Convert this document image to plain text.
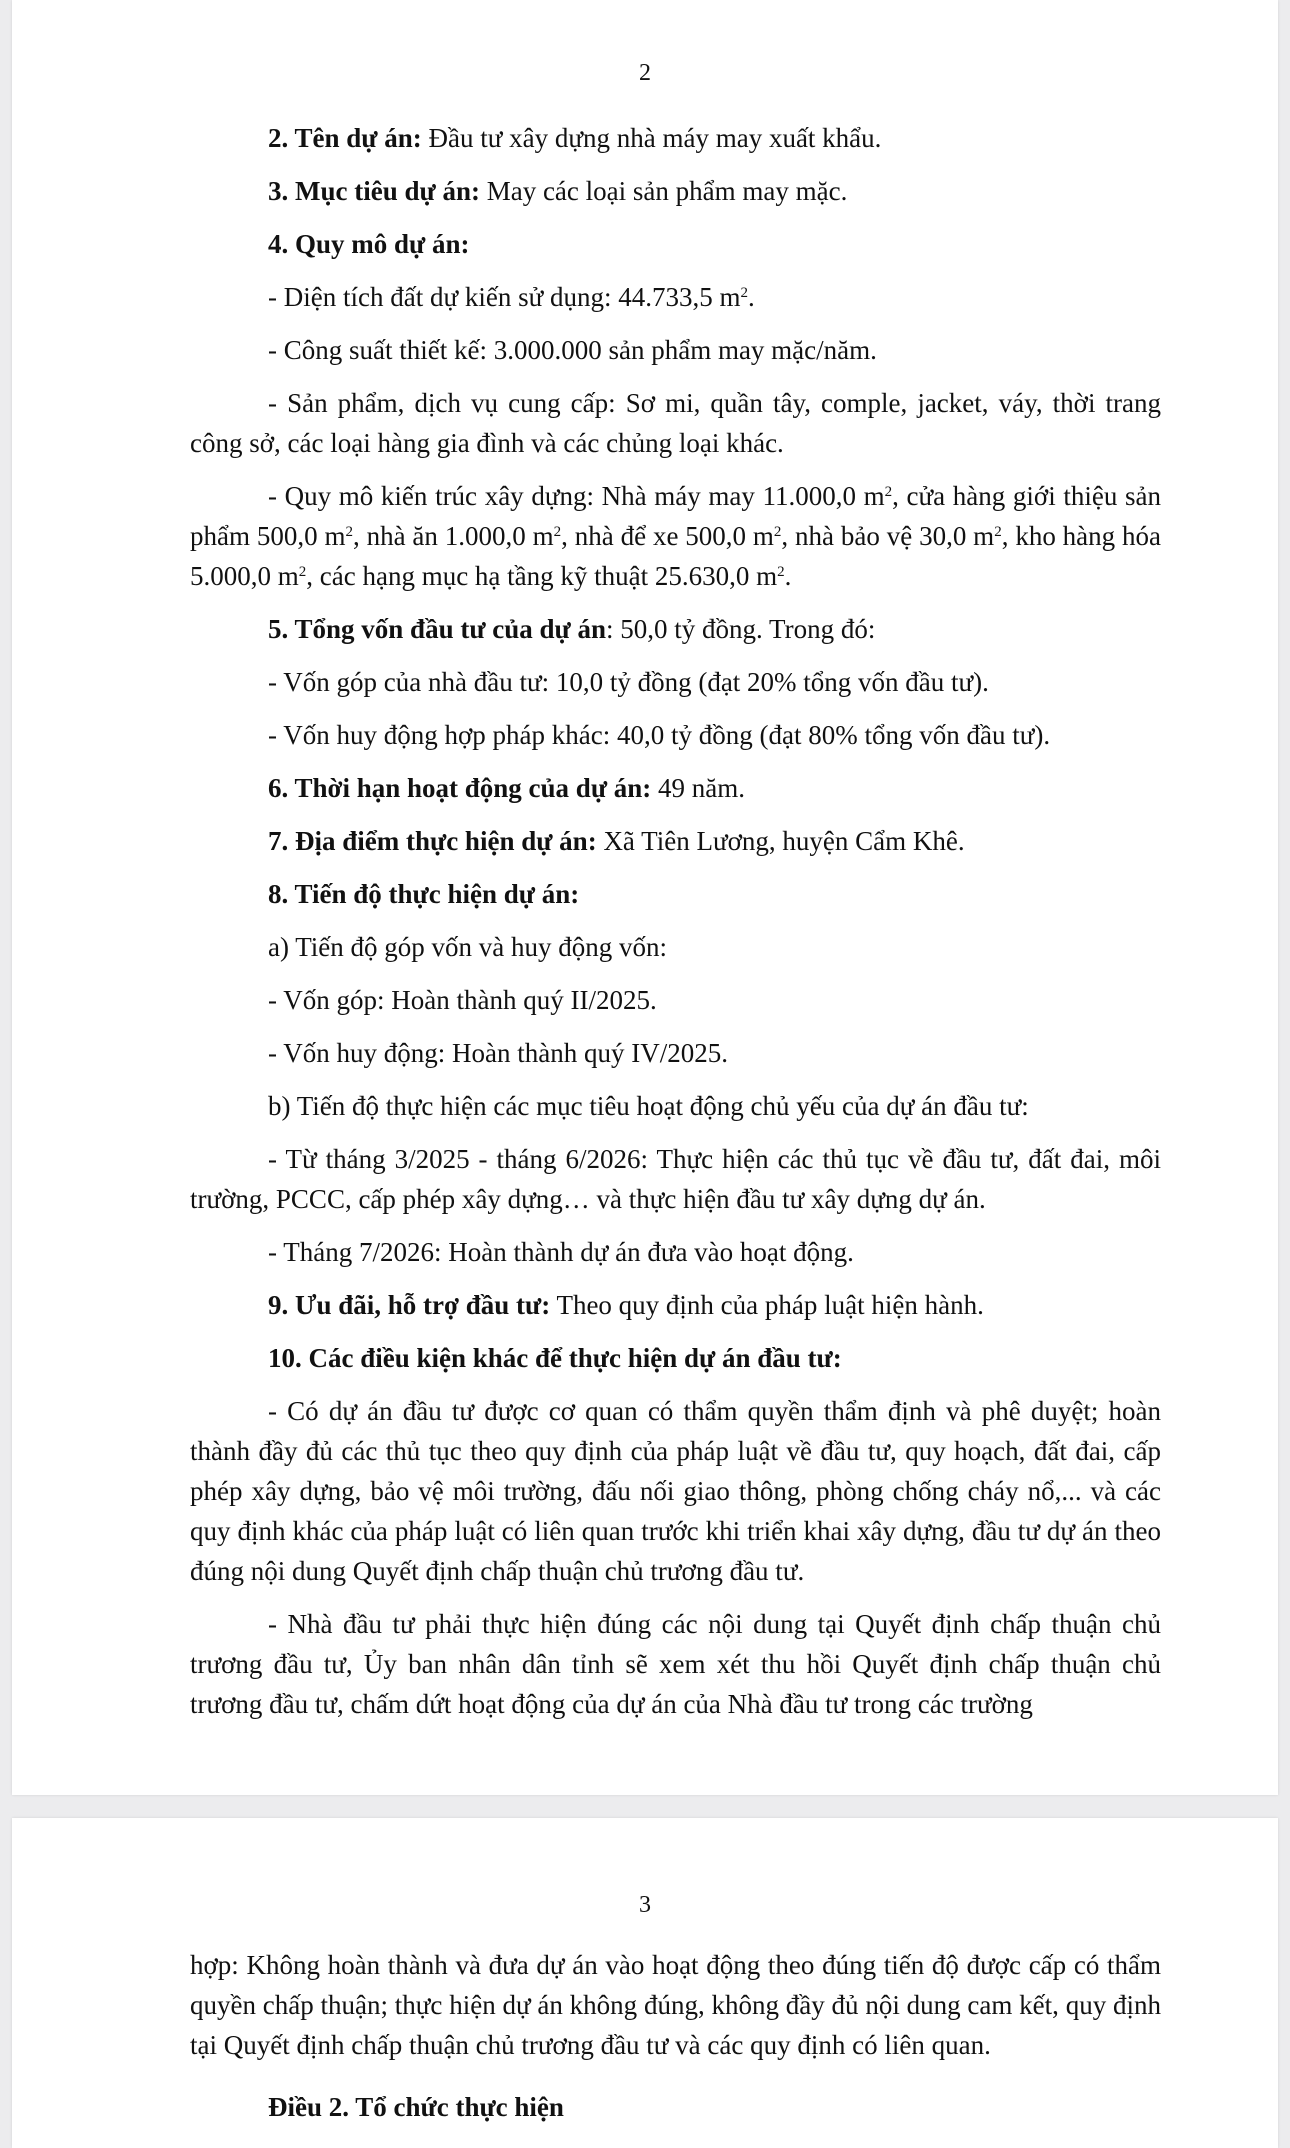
2

2. Tên dự án: Đầu tư xây dựng nhà máy may xuất khẩu.

3. Mục tiêu dự án: May các loại sản phẩm may mặc.

4. Quy mô dự án:

- Diện tích đất dự kiến sử dụng: 44.733,5 $m^2$.

- Công suất thiết kế: 3.000.000 sản phẩm may mặc/năm.

- Sản phẩm, dịch vụ cung cấp: Sơ mi, quần tây, comple, jacket, váy, thời trang công sở, các loại hàng gia đình và các chủng loại khác.

- Quy mô kiến trúc xây dựng: Nhà máy may 11.000,0 $m^2$, cửa hàng giới thiệu sản phẩm 500,0 $m^2$, nhà ăn 1.000,0 $m^2$, nhà để xe 500,0 $m^2$, nhà bảo vệ 30,0 $m^2$, kho hàng hóa 5.000,0 $m^2$, các hạng mục hạ tầng kỹ thuật 25.630,0 $m^2$.

5. Tổng vốn đầu tư của dự án: 50,0 tỷ đồng. Trong đó:

- Vốn góp của nhà đầu tư: 10,0 tỷ đồng (đạt 20% tổng vốn đầu tư).

- Vốn huy động hợp pháp khác: 40,0 tỷ đồng (đạt 80% tổng vốn đầu tư).

6. Thời hạn hoạt động của dự án: 49 năm.

7. Địa điểm thực hiện dự án: Xã Tiên Lương, huyện Cẩm Khê.

8. Tiến độ thực hiện dự án:

a) Tiến độ góp vốn và huy động vốn:

- Vốn góp: Hoàn thành quý II/2025.

- Vốn huy động: Hoàn thành quý IV/2025.

b) Tiến độ thực hiện các mục tiêu hoạt động chủ yếu của dự án đầu tư:

- Từ tháng 3/2025 - tháng 6/2026: Thực hiện các thủ tục về đầu tư, đất đai, môi trường, PCCC, cấp phép xây dựng… và thực hiện đầu tư xây dựng dự án.

- Tháng 7/2026: Hoàn thành dự án đưa vào hoạt động.

9. Ưu đãi, hỗ trợ đầu tư: Theo quy định của pháp luật hiện hành.

10. Các điều kiện khác để thực hiện dự án đầu tư:

- Có dự án đầu tư được cơ quan có thẩm quyền thẩm định và phê duyệt; hoàn thành đầy đủ các thủ tục theo quy định của pháp luật về đầu tư, quy hoạch, đất đai, cấp phép xây dựng, bảo vệ môi trường, đấu nối giao thông, phòng chống cháy nổ,... và các quy định khác của pháp luật có liên quan trước khi triển khai xây dựng, đầu tư dự án theo đúng nội dung Quyết định chấp thuận chủ trương đầu tư.

- Nhà đầu tư phải thực hiện đúng các nội dung tại Quyết định chấp thuận chủ trương đầu tư, Ủy ban nhân dân tỉnh sẽ xem xét thu hồi Quyết định chấp thuận chủ trương đầu tư, chấm dứt hoạt động của dự án của Nhà đầu tư trong các trường

3

hợp: Không hoàn thành và đưa dự án vào hoạt động theo đúng tiến độ được cấp có thẩm quyền chấp thuận; thực hiện dự án không đúng, không đầy đủ nội dung cam kết, quy định tại Quyết định chấp thuận chủ trương đầu tư và các quy định có liên quan.

Điều 2. Tổ chức thực hiện
